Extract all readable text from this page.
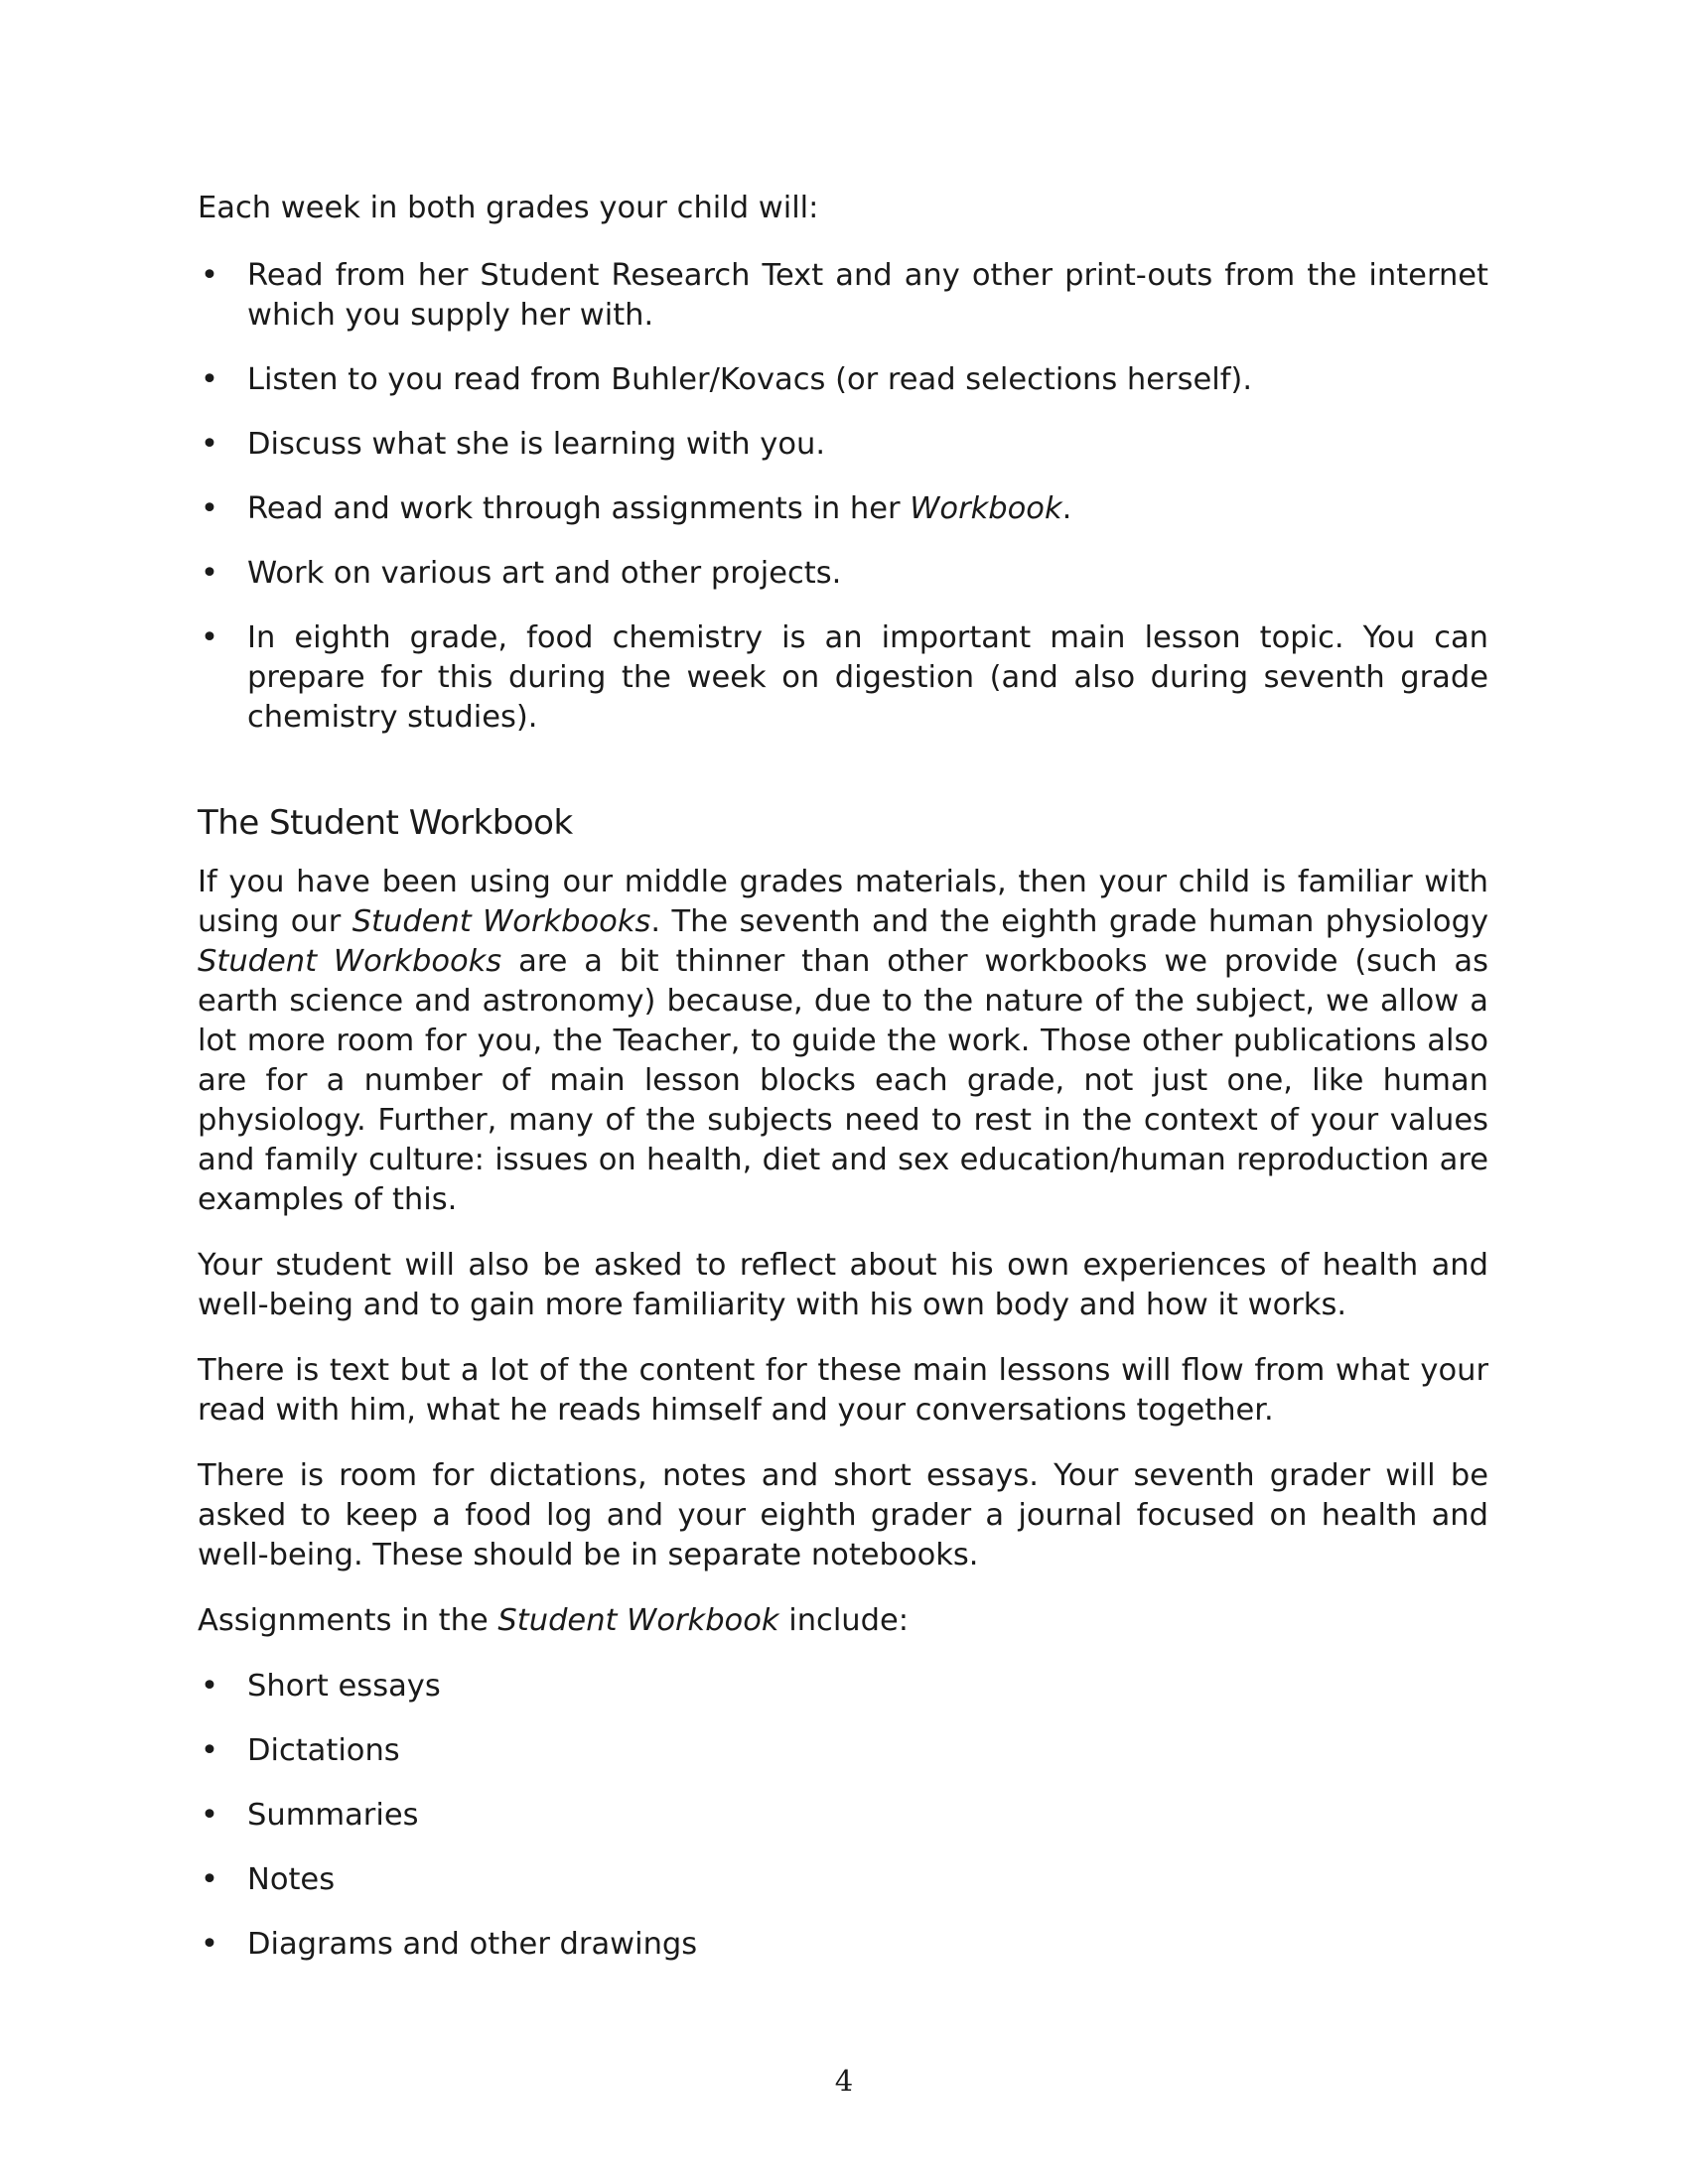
Each week in both grades your child will:

• Read from her Student Research Text and any other print-outs from the internet which you supply her with.
• Listen to you read from Buhler/Kovacs (or read selections herself).
• Discuss what she is learning with you.
• Read and work through assignments in her Workbook.
• Work on various art and other projects.
• In eighth grade, food chemistry is an important main lesson topic. You can prepare for this during the week on digestion (and also during seventh grade chemistry studies).
The Student Workbook

If you have been using our middle grades materials, then your child is familiar with using our Student Workbooks. The seventh and the eighth grade human physiology Student Workbooks are a bit thinner than other workbooks we provide (such as earth science and astronomy) because, due to the nature of the subject, we allow a lot more room for you, the Teacher, to guide the work. Those other publications also are for a number of main lesson blocks each grade, not just one, like human physiology. Further, many of the subjects need to rest in the context of your values and family culture: issues on health, diet and sex education/human reproduction are examples of this.

Your student will also be asked to reflect about his own experiences of health and well-being and to gain more familiarity with his own body and how it works.

There is text but a lot of the content for these main lessons will flow from what your read with him, what he reads himself and your conversations together.

There is room for dictations, notes and short essays. Your seventh grader will be asked to keep a food log and your eighth grader a journal focused on health and well-being. These should be in separate notebooks.

Assignments in the Student Workbook include:

• Short essays
• Dictations
• Summaries
• Notes
• Diagrams and other drawings
4
